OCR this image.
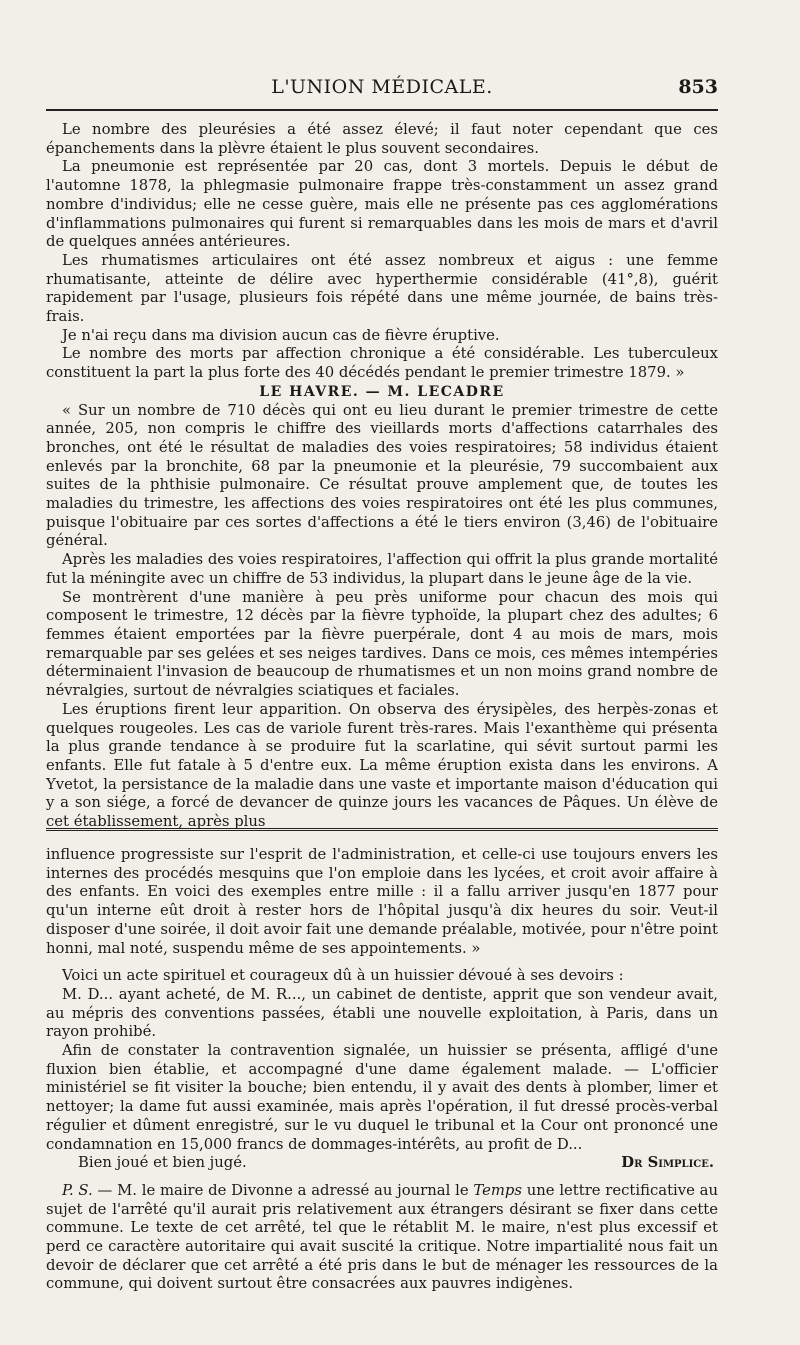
L'UNION MÉDICALE.	853

Le nombre des pleurésies a été assez élevé; il faut noter cependant que ces épanchements dans la plèvre étaient le plus souvent secondaires.

La pneumonie est représentée par 20 cas, dont 3 mortels. Depuis le début de l'automne 1878, la phlegmasie pulmonaire frappe très-constamment un assez grand nombre d'individus; elle ne cesse guère, mais elle ne présente pas ces agglomérations d'inflammations pulmonaires qui furent si remarquables dans les mois de mars et d'avril de quelques années antérieures.

Les rhumatismes articulaires ont été assez nombreux et aigus : une femme rhumatisante, atteinte de délire avec hyperthermie considérable (41°,8), guérit rapidement par l'usage, plusieurs fois répété dans une même journée, de bains très-frais.

Je n'ai reçu dans ma division aucun cas de fièvre éruptive.

Le nombre des morts par affection chronique a été considérable. Les tuberculeux constituent la part la plus forte des 40 décédés pendant le premier trimestre 1879. »

LE HAVRE. — M. LECADRE

« Sur un nombre de 710 décès qui ont eu lieu durant le premier trimestre de cette année, 205, non compris le chiffre des vieillards morts d'affections catarrhales des bronches, ont été le résultat de maladies des voies respiratoires; 58 individus étaient enlevés par la bronchite, 68 par la pneumonie et la pleurésie, 79 succombaient aux suites de la phthisie pulmonaire. Ce résultat prouve amplement que, de toutes les maladies du trimestre, les affections des voies respiratoires ont été les plus communes, puisque l'obituaire par ces sortes d'affections a été le tiers environ (3,46) de l'obituaire général.

Après les maladies des voies respiratoires, l'affection qui offrit la plus grande mortalité fut la méningite avec un chiffre de 53 individus, la plupart dans le jeune âge de la vie.

Se montrèrent d'une manière à peu près uniforme pour chacun des mois qui composent le trimestre, 12 décès par la fièvre typhoïde, la plupart chez des adultes; 6 femmes étaient emportées par la fièvre puerpérale, dont 4 au mois de mars, mois remarquable par ses gelées et ses neiges tardives. Dans ce mois, ces mêmes intempéries déterminaient l'invasion de beaucoup de rhumatismes et un non moins grand nombre de névralgies, surtout de névralgies sciatiques et faciales.

Les éruptions firent leur apparition. On observa des érysipèles, des herpès-zonas et quelques rougeoles. Les cas de variole furent très-rares. Mais l'exanthème qui présenta la plus grande tendance à se produire fut la scarlatine, qui sévit surtout parmi les enfants. Elle fut fatale à 5 d'entre eux. La même éruption exista dans les environs. A Yvetot, la persistance de la maladie dans une vaste et importante maison d'éducation qui y a son siége, a forcé de devancer de quinze jours les vacances de Pâques. Un élève de cet établissement, après plus

influence progressiste sur l'esprit de l'administration, et celle-ci use toujours envers les internes des procédés mesquins que l'on emploie dans les lycées, et croit avoir affaire à des enfants. En voici des exemples entre mille : il a fallu arriver jusqu'en 1877 pour qu'un interne eût droit à rester hors de l'hôpital jusqu'à dix heures du soir. Veut-il disposer d'une soirée, il doit avoir fait une demande préalable, motivée, pour n'être point honni, mal noté, suspendu même de ses appointements. »

Voici un acte spirituel et courageux dû à un huissier dévoué à ses devoirs :

M. D... ayant acheté, de M. R..., un cabinet de dentiste, apprit que son vendeur avait, au mépris des conventions passées, établi une nouvelle exploitation, à Paris, dans un rayon prohibé.

Afin de constater la contravention signalée, un huissier se présenta, affligé d'une fluxion bien établie, et accompagné d'une dame également malade. — L'officier ministériel se fit visiter la bouche; bien entendu, il y avait des dents à plomber, limer et nettoyer; la dame fut aussi examinée, mais après l'opération, il fut dressé procès-verbal régulier et dûment enregistré, sur le vu duquel le tribunal et la Cour ont prononcé une condamnation en 15,000 francs de dommages-intérêts, au profit de D...

Bien joué et bien jugé.	Dr Simplice.

P. S. — M. le maire de Divonne a adressé au journal le Temps une lettre rectificative au sujet de l'arrêté qu'il aurait pris relativement aux étrangers désirant se fixer dans cette commune. Le texte de cet arrêté, tel que le rétablit M. le maire, n'est plus excessif et perd ce caractère autoritaire qui avait suscité la critique. Notre impartialité nous fait un devoir de déclarer que cet arrêté a été pris dans le but de ménager les ressources de la commune, qui doivent surtout être consacrées aux pauvres indigènes.
